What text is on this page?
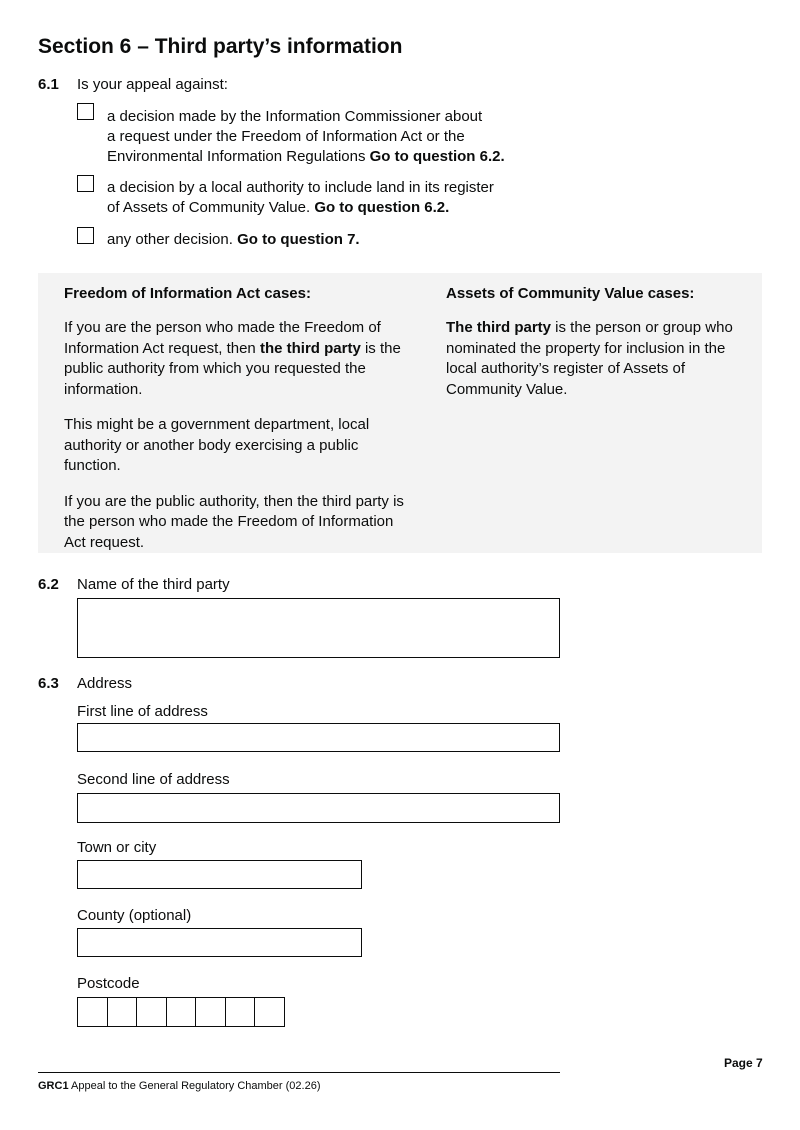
Section 6 – Third party’s information
6.1 Is your appeal against:
a decision made by the Information Commissioner about
a request under the Freedom of Information Act or the
Environmental Information Regulations Go to question 6.2.
a decision by a local authority to include land in its register
of Assets of Community Value. Go to question 6.2.
any other decision. Go to question 7.
Freedom of Information Act cases:

If you are the person who made the Freedom of Information Act request, then the third party is the public authority from which you requested the information.

This might be a government department, local authority or another body exercising a public function.

If you are the public authority, then the third party is the person who made the Freedom of Information Act request.

Assets of Community Value cases:

The third party is the person or group who nominated the property for inclusion in the local authority’s register of Assets of Community Value.

6.2 Name of the third party
6.3 Address
First line of address
Second line of address
Town or city
County (optional)
Postcode
Page 7
GRC1 Appeal to the General Regulatory Chamber (02.26)
